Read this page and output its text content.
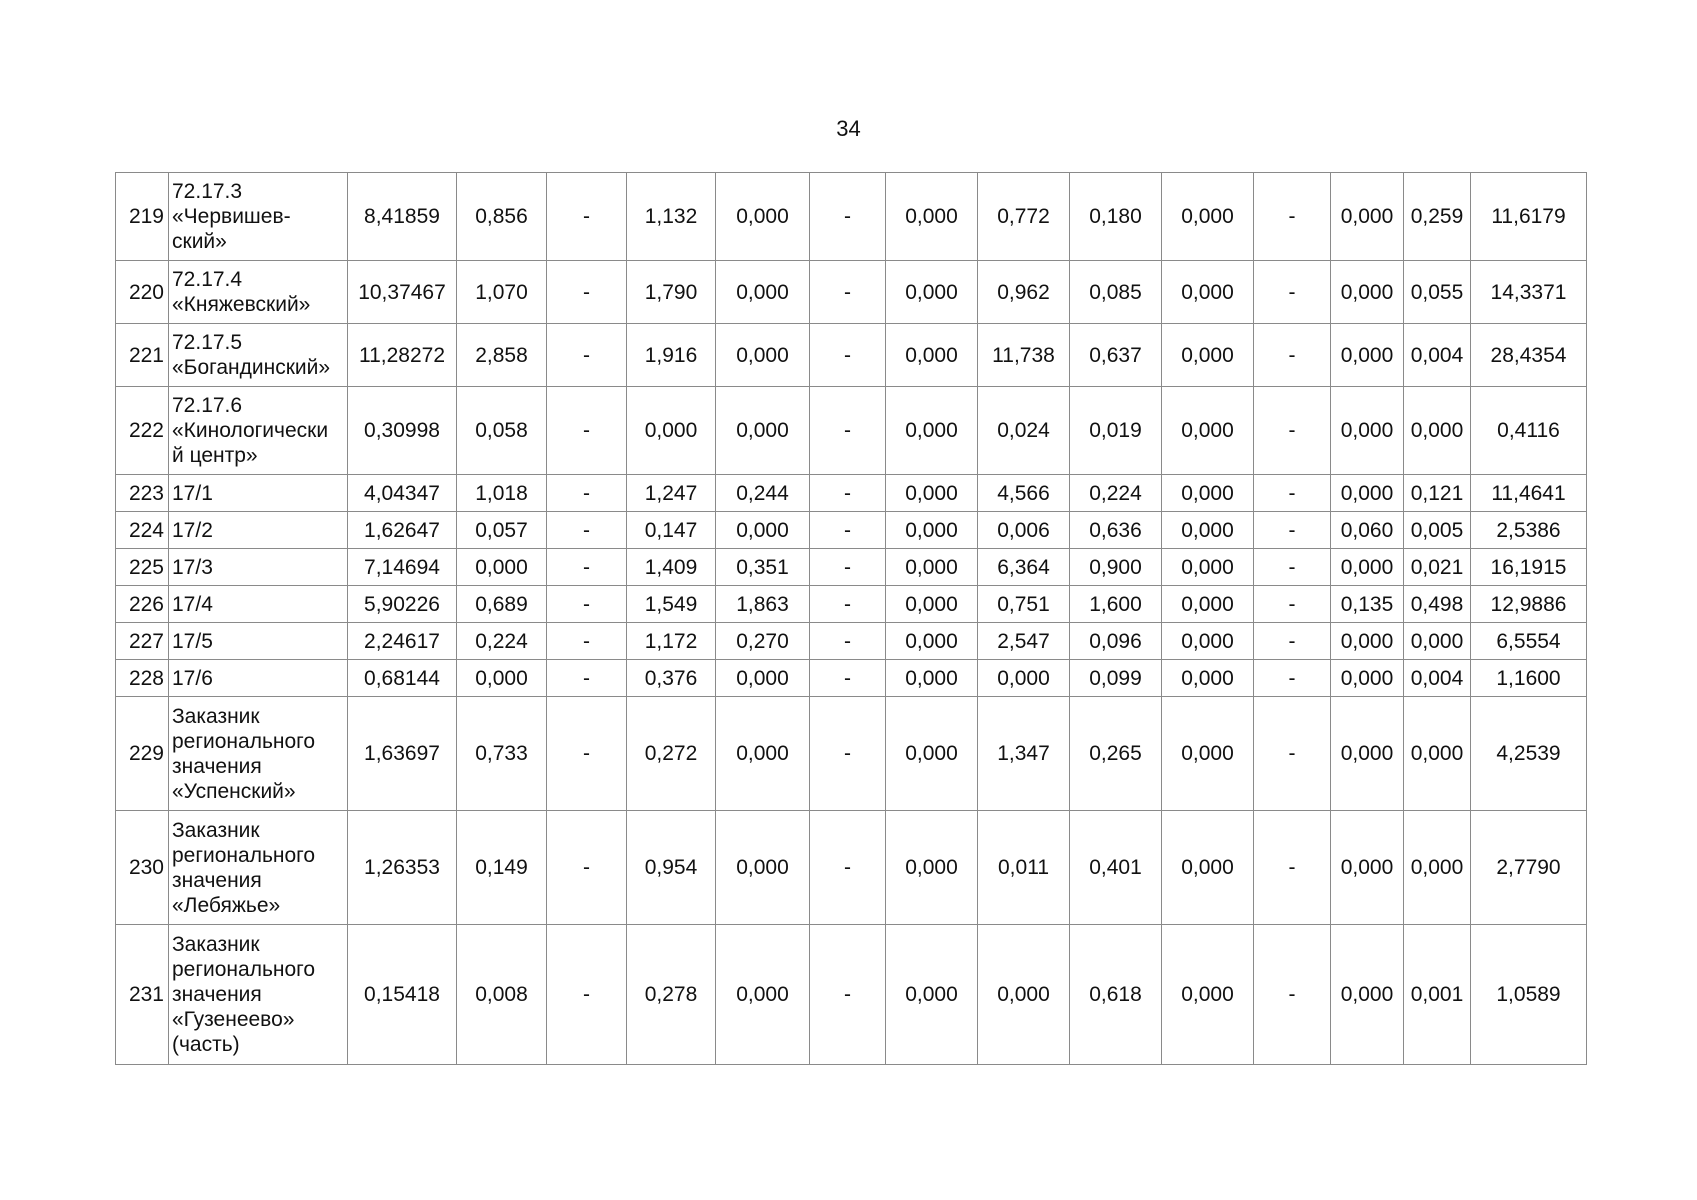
34
219	72.17.3 «Червишев-ский»	8,41859	0,856	-	1,132	0,000	-	0,000	0,772	0,180	0,000	-	0,000	0,259	11,6179
220	72.17.4 «Княжевский»	10,37467	1,070	-	1,790	0,000	-	0,000	0,962	0,085	0,000	-	0,000	0,055	14,3371
221	72.17.5 «Богандинский»	11,28272	2,858	-	1,916	0,000	-	0,000	11,738	0,637	0,000	-	0,000	0,004	28,4354
222	72.17.6 «Кинологически й центр»	0,30998	0,058	-	0,000	0,000	-	0,000	0,024	0,019	0,000	-	0,000	0,000	0,4116
223	17/1	4,04347	1,018	-	1,247	0,244	-	0,000	4,566	0,224	0,000	-	0,000	0,121	11,4641
224	17/2	1,62647	0,057	-	0,147	0,000	-	0,000	0,006	0,636	0,000	-	0,060	0,005	2,5386
225	17/3	7,14694	0,000	-	1,409	0,351	-	0,000	6,364	0,900	0,000	-	0,000	0,021	16,1915
226	17/4	5,90226	0,689	-	1,549	1,863	-	0,000	0,751	1,600	0,000	-	0,135	0,498	12,9886
227	17/5	2,24617	0,224	-	1,172	0,270	-	0,000	2,547	0,096	0,000	-	0,000	0,000	6,5554
228	17/6	0,68144	0,000	-	0,376	0,000	-	0,000	0,000	0,099	0,000	-	0,000	0,004	1,1600
229	Заказник регионального значения «Успенский»	1,63697	0,733	-	0,272	0,000	-	0,000	1,347	0,265	0,000	-	0,000	0,000	4,2539
230	Заказник регионального значения «Лебяжье»	1,26353	0,149	-	0,954	0,000	-	0,000	0,011	0,401	0,000	-	0,000	0,000	2,7790
231	Заказник регионального значения «Гузенеево» (часть)	0,15418	0,008	-	0,278	0,000	-	0,000	0,000	0,618	0,000	-	0,000	0,001	1,0589
